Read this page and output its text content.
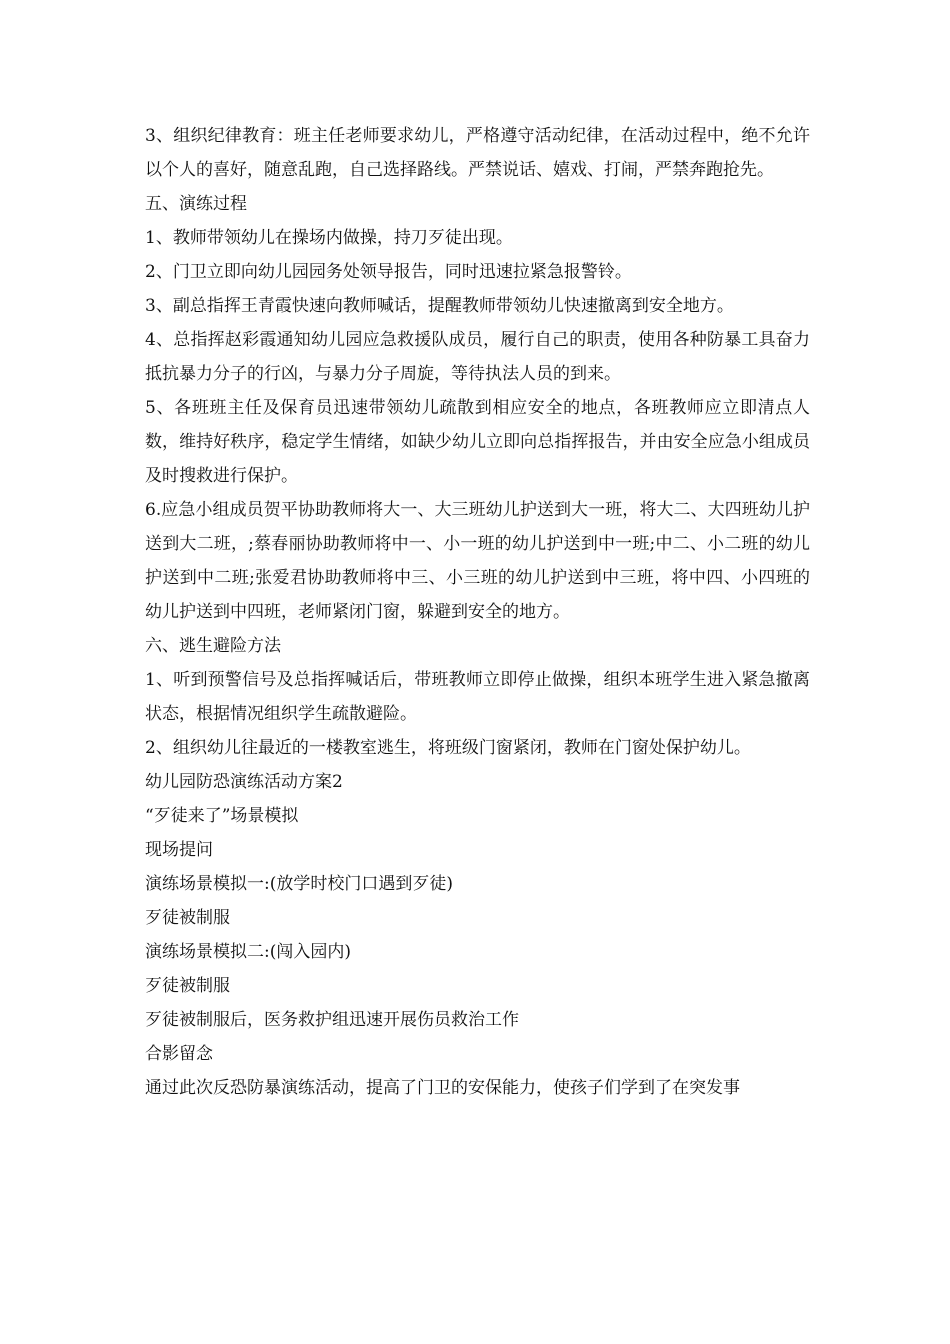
3、组织纪律教育：班主任老师要求幼儿，严格遵守活动纪律，在活动过程中，绝不允许以个人的喜好，随意乱跑，自己选择路线。严禁说话、嬉戏、打闹，严禁奔跑抢先。

五、演练过程

1、教师带领幼儿在操场内做操，持刀歹徒出现。

2、门卫立即向幼儿园园务处领导报告，同时迅速拉紧急报警铃。

3、副总指挥王青霞快速向教师喊话，提醒教师带领幼儿快速撤离到安全地方。

4、总指挥赵彩霞通知幼儿园应急救援队成员，履行自己的职责，使用各种防暴工具奋力抵抗暴力分子的行凶，与暴力分子周旋，等待执法人员的到来。

5、各班班主任及保育员迅速带领幼儿疏散到相应安全的地点，各班教师应立即清点人数，维持好秩序，稳定学生情绪，如缺少幼儿立即向总指挥报告，并由安全应急小组成员及时搜救进行保护。

6.应急小组成员贺平协助教师将大一、大三班幼儿护送到大一班，将大二、大四班幼儿护送到大二班，;蔡春丽协助教师将中一、小一班的幼儿护送到中一班;中二、小二班的幼儿护送到中二班;张爱君协助教师将中三、小三班的幼儿护送到中三班，将中四、小四班的幼儿护送到中四班，老师紧闭门窗，躲避到安全的地方。

六、逃生避险方法

1、听到预警信号及总指挥喊话后，带班教师立即停止做操，组织本班学生进入紧急撤离状态，根据情况组织学生疏散避险。

2、组织幼儿往最近的一楼教室逃生，将班级门窗紧闭，教师在门窗处保护幼儿。

幼儿园防恐演练活动方案2

“歹徒来了”场景模拟

现场提问

演练场景模拟一:(放学时校门口遇到歹徒)

歹徒被制服

演练场景模拟二:(闯入园内)

歹徒被制服

歹徒被制服后，医务救护组迅速开展伤员救治工作

合影留念

通过此次反恐防暴演练活动，提高了门卫的安保能力，使孩子们学到了在突发事
